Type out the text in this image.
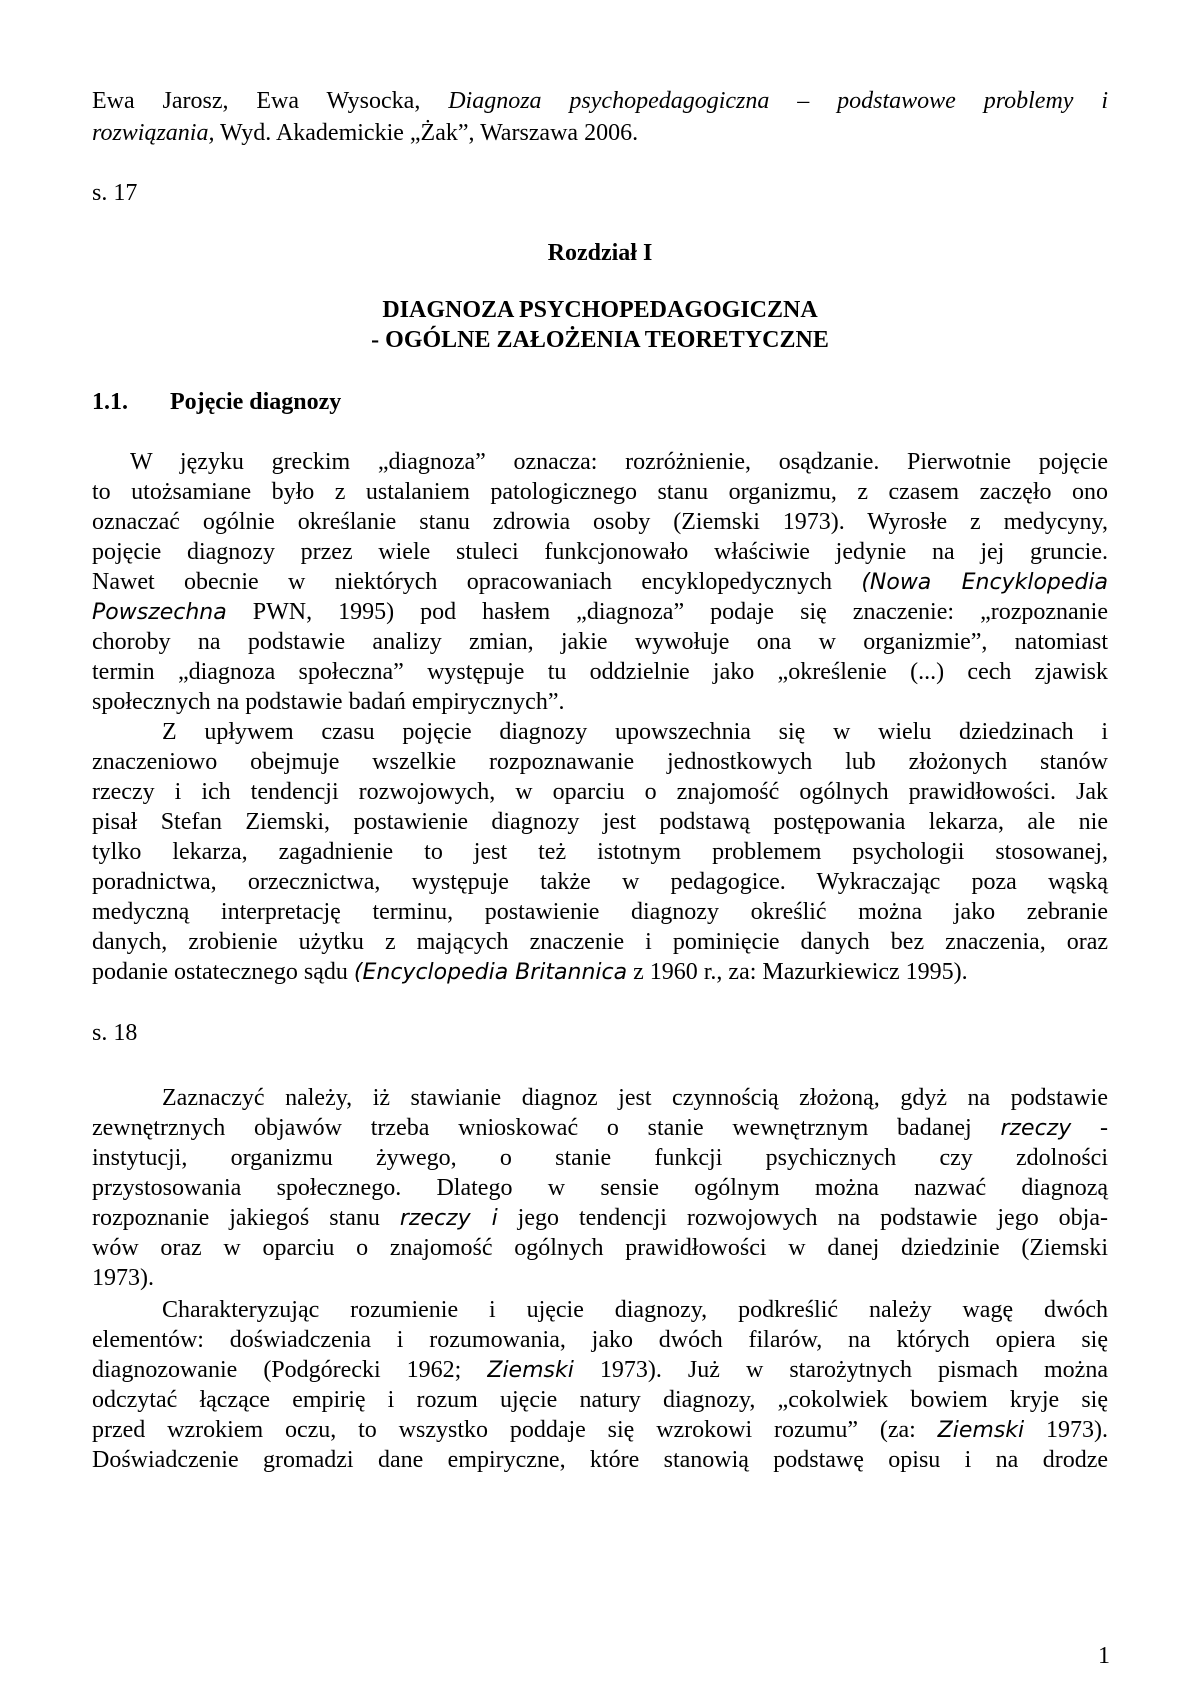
Ewa Jarosz, Ewa Wysocka, Diagnoza psychopedagogiczna – podstawowe problemy i
rozwiązania, Wyd. Akademickie „Żak”, Warszawa 2006.
s. 17
Rozdział I
DIAGNOZA PSYCHOPEDAGOGICZNA
- OGÓLNE ZAŁOŻENIA TEORETYCZNE
1.1. Pojęcie diagnozy
W języku greckim „diagnoza” oznacza: rozróżnienie, osądzanie. Pierwotnie pojęcie
to utożsamiane było z ustalaniem patologicznego stanu organizmu, z czasem zaczęło ono
oznaczać ogólnie określanie stanu zdrowia osoby (Ziemski 1973). Wyrosłe z medycyny,
pojęcie diagnozy przez wiele stuleci funkcjonowało właściwie jedynie na jej gruncie.
Nawet obecnie w niektórych opracowaniach encyklopedycznych (Nowa Encyklopedia
Powszechna PWN, 1995) pod hasłem „diagnoza” podaje się znaczenie: „rozpoznanie
choroby na podstawie analizy zmian, jakie wywołuje ona w organizmie”, natomiast
termin „diagnoza społeczna” występuje tu oddzielnie jako „określenie (...) cech zjawisk
społecznych na podstawie badań empirycznych”.
Z upływem czasu pojęcie diagnozy upowszechnia się w wielu dziedzinach i
znaczeniowo obejmuje wszelkie rozpoznawanie jednostkowych lub złożonych stanów
rzeczy i ich tendencji rozwojowych, w oparciu o znajomość ogólnych prawidłowości. Jak
pisał Stefan Ziemski, postawienie diagnozy jest podstawą postępowania lekarza, ale nie
tylko lekarza, zagadnienie to jest też istotnym problemem psychologii stosowanej,
poradnictwa, orzecznictwa, występuje także w pedagogice. Wykraczając poza wąską
medyczną interpretację terminu, postawienie diagnozy określić można jako zebranie
danych, zrobienie użytku z mających znaczenie i pominięcie danych bez znaczenia, oraz
podanie ostatecznego sądu (Encyclopedia Britannica z 1960 r., za: Mazurkiewicz 1995).
s. 18
Zaznaczyć należy, iż stawianie diagnoz jest czynnością złożoną, gdyż na podstawie
zewnętrznych objawów trzeba wnioskować o stanie wewnętrznym badanej rzeczy -
instytucji, organizmu żywego, o stanie funkcji psychicznych czy zdolności
przystosowania społecznego. Dlatego w sensie ogólnym można nazwać diagnozą
rozpoznanie jakiegoś stanu rzeczy i jego tendencji rozwojowych na podstawie jego obja-
wów oraz w oparciu o znajomość ogólnych prawidłowości w danej dziedzinie (Ziemski
1973).
Charakteryzując rozumienie i ujęcie diagnozy, podkreślić należy wagę dwóch
elementów: doświadczenia i rozumowania, jako dwóch filarów, na których opiera się
diagnozowanie (Podgórecki 1962; Ziemski 1973). Już w starożytnych pismach można
odczytać łączące empirię i rozum ujęcie natury diagnozy, „cokolwiek bowiem kryje się
przed wzrokiem oczu, to wszystko poddaje się wzrokowi rozumu” (za: Ziemski 1973).
Doświadczenie gromadzi dane empiryczne, które stanowią podstawę opisu i na drodze
1
